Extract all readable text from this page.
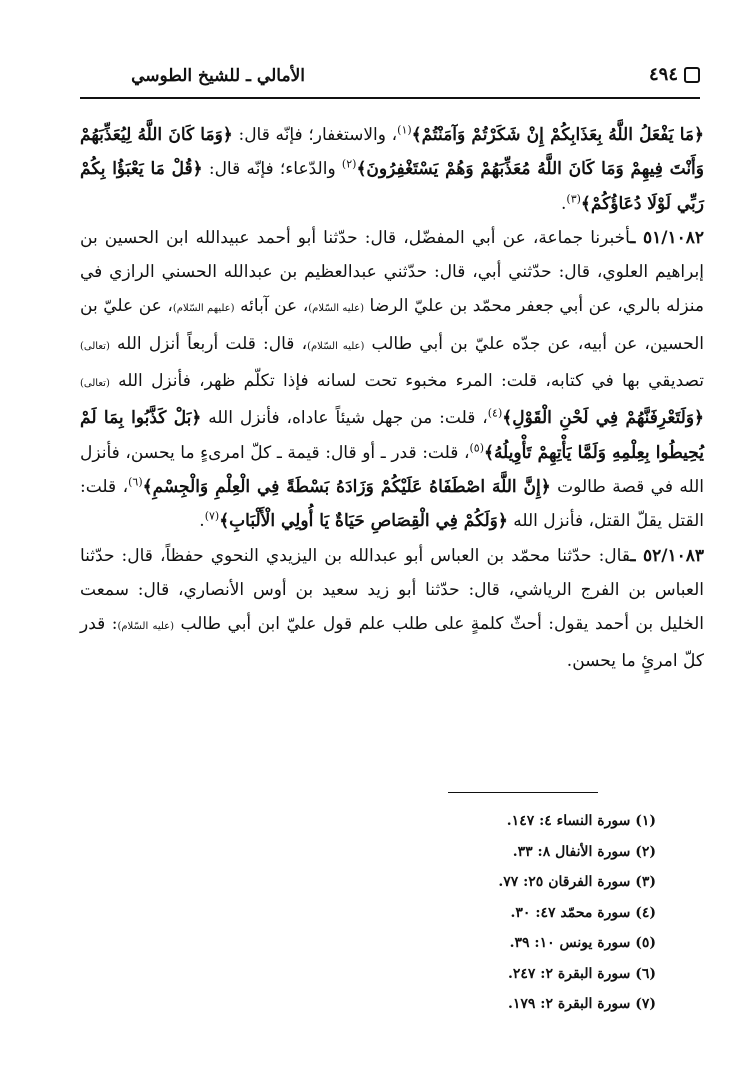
٤٩٤
الأمالي ـ للشيخ الطوسي

﴿مَا يَفْعَلُ اللَّهُ بِعَذَابِكُمْ إِنْ شَكَرْتُمْ وَآمَنْتُمْ﴾$^{(١)}$، والاستغفار؛ فإنّه قال: ﴿وَمَا كَانَ اللَّهُ لِيُعَذِّبَهُمْ وَأَنْتَ فِيهِمْ وَمَا كَانَ اللَّهُ مُعَذِّبَهُمْ وَهُمْ يَسْتَغْفِرُونَ﴾$^{(٢)}$ والدّعاء؛ فإنّه قال: ﴿قُلْ مَا يَعْبَؤُا بِكُمْ رَبِّي لَوْلَا دُعَاؤُكُمْ﴾$^{(٣)}$.

٥١/١٠٨٢ ـأخبرنا جماعة، عن أبي المفضّل، قال: حدّثنا أبو أحمد عبيدالله ابن الحسين بن إبراهيم العلوي، قال: حدّثني أبي، قال: حدّثني عبدالعظيم بن عبدالله الحسني الرازي في منزله بالري، عن أبي جعفر محمّد بن عليّ الرضا (عليه السّلام)، عن آبائه (عليهم السّلام)، عن عليّ بن الحسين، عن أبيه، عن جدّه عليّ بن أبي طالب (عليه السّلام)، قال: قلت أربعاً أنزل الله (تعالى) تصديقي بها في كتابه، قلت: المرء مخبوء تحت لسانه فإذا تكلّم ظهر، فأنزل الله (تعالى) ﴿وَلَتَعْرِفَنَّهُمْ فِي لَحْنِ الْقَوْلِ﴾$^{(٤)}$، قلت: من جهل شيئاً عاداه، فأنزل الله ﴿بَلْ كَذَّبُوا بِمَا لَمْ يُحِيطُوا بِعِلْمِهِ وَلَمَّا يَأْتِهِمْ تَأْوِيلُهُ﴾$^{(٥)}$، قلت: قدر ـ أو قال: قيمة ـ كلّ امرىءٍ ما يحسن، فأنزل الله في قصة طالوت ﴿إِنَّ اللَّهَ اصْطَفَاهُ عَلَيْكُمْ وَزَادَهُ بَسْطَةً فِي الْعِلْمِ وَالْجِسْمِ﴾$^{(٦)}$، قلت: القتل يقلّ القتل، فأنزل الله ﴿وَلَكُمْ فِي الْقِصَاصِ حَيَاةٌ يَا أُولِي الْأَلْبَابِ﴾$^{(٧)}$.

٥٢/١٠٨٣ ـقال: حدّثنا محمّد بن العباس أبو عبدالله بن اليزيدي النحوي حفظاً، قال: حدّثنا العباس بن الفرج الرياشي، قال: حدّثنا أبو زيد سعيد بن أوس الأنصاري، قال: سمعت الخليل بن أحمد يقول: أحثّ كلمةٍ على طلب علم قول عليّ ابن أبي طالب (عليه السّلام): قدر كلّ امرئٍ ما يحسن.

(١) سورة النساء ٤: ١٤٧.
(٢) سورة الأنفال ٨: ٣٣.
(٣) سورة الفرقان ٢٥: ٧٧.
(٤) سورة محمّد ٤٧: ٣٠.
(٥) سورة يونس ١٠: ٣٩.
(٦) سورة البقرة ٢: ٢٤٧.
(٧) سورة البقرة ٢: ١٧٩.
